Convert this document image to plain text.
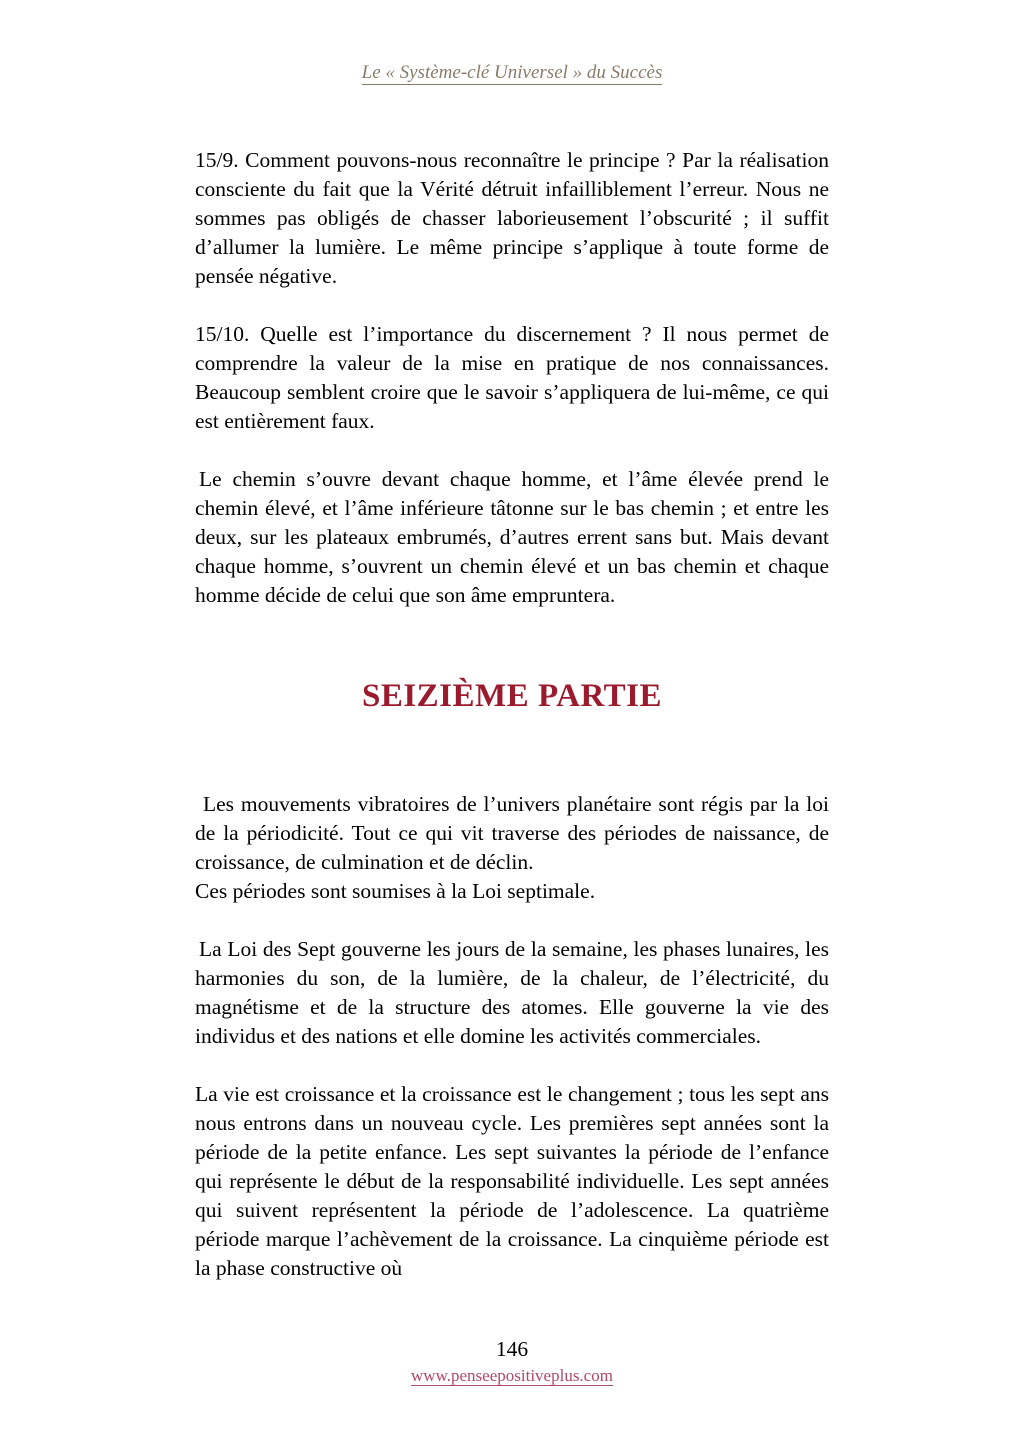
Le « Système-clé Universel » du Succès

15/9. Comment pouvons-nous reconnaître le principe ? Par la réalisation consciente du fait que la Vérité détruit infailliblement l’erreur. Nous ne sommes pas obligés de chasser laborieusement l’obscurité ; il suffit d’allumer la lumière. Le même principe s’applique à toute forme de pensée négative.

15/10. Quelle est l’importance du discernement ? Il nous permet de comprendre la valeur de la mise en pratique de nos connaissances. Beaucoup semblent croire que le savoir s’appliquera de lui-même, ce qui est entièrement faux.

Le chemin s’ouvre devant chaque homme, et l’âme élevée prend le chemin élevé, et l’âme inférieure tâtonne sur le bas chemin ; et entre les deux, sur les plateaux embrumés, d’autres errent sans but. Mais devant chaque homme, s’ouvrent un chemin élevé et un bas chemin et chaque homme décide de celui que son âme empruntera.

SEIZIÈME PARTIE

Les mouvements vibratoires de l’univers planétaire sont régis par la loi de la périodicité. Tout ce qui vit traverse des périodes de naissance, de croissance, de culmination et de déclin.

Ces périodes sont soumises à la Loi septimale.

La Loi des Sept gouverne les jours de la semaine, les phases lunaires, les harmonies du son, de la lumière, de la chaleur, de l’électricité, du magnétisme et de la structure des atomes. Elle gouverne la vie des individus et des nations et elle domine les activités commerciales.

La vie est croissance et la croissance est le changement ; tous les sept ans nous entrons dans un nouveau cycle. Les premières sept années sont la période de la petite enfance. Les sept suivantes la période de l’enfance qui représente le début de la responsabilité individuelle. Les sept années qui suivent représentent la période de l’adolescence. La quatrième période marque l’achèvement de la croissance. La cinquième période est la phase constructive où

146
www.penseepositiveplus.com
